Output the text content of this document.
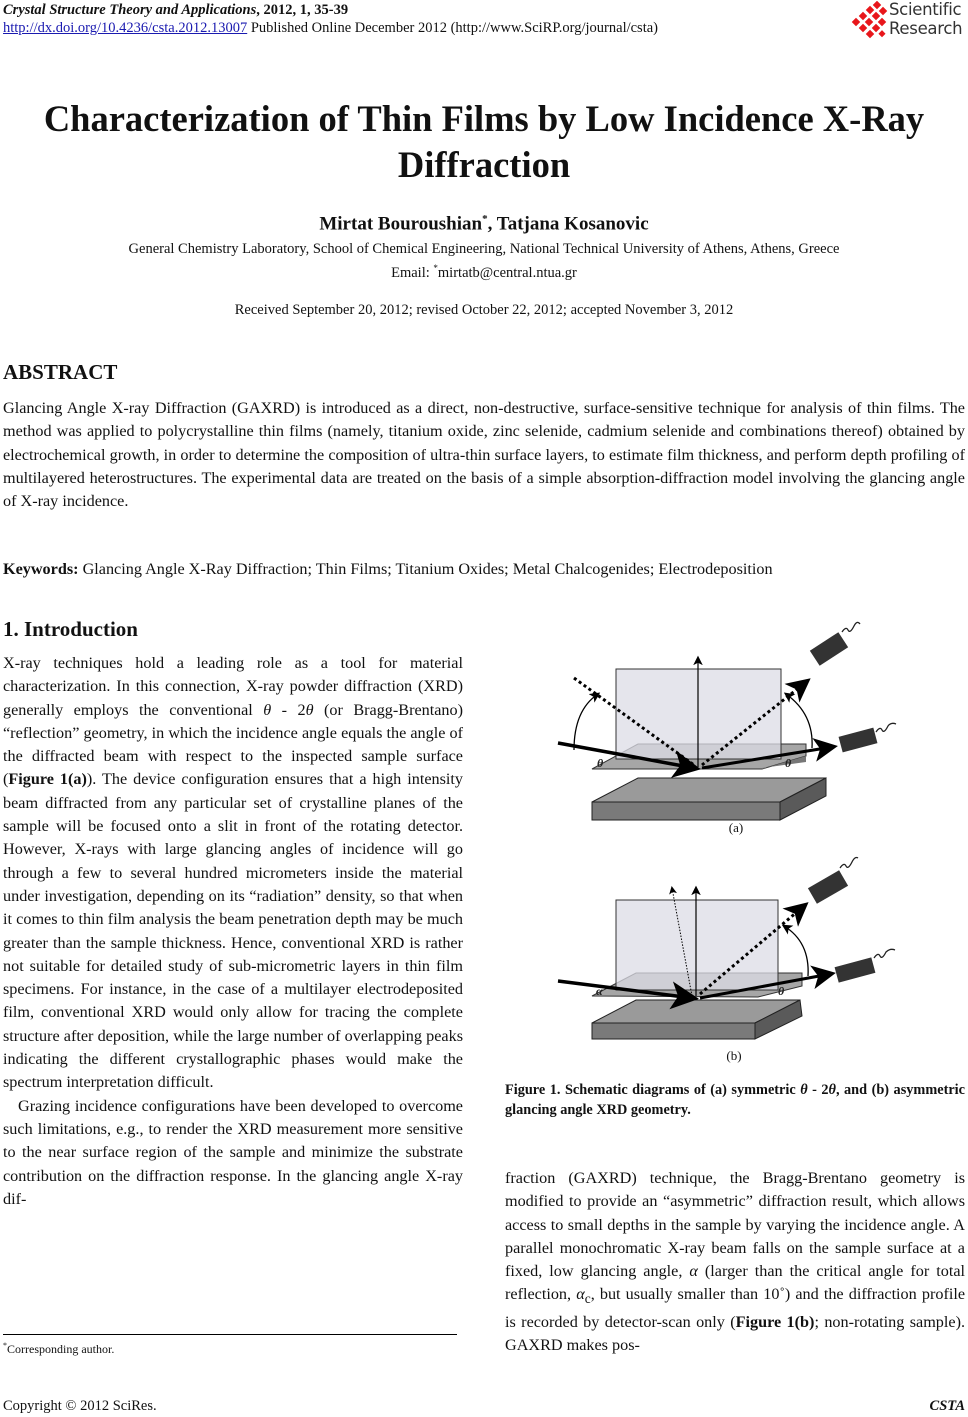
Crystal Structure Theory and Applications, 2012, 1, 35-39
http://dx.doi.org/10.4236/csta.2012.13007 Published Online December 2012 (http://www.SciRP.org/journal/csta)
Scientific
Research
Characterization of Thin Films by Low Incidence X-Ray
Diffraction
Mirtat Bouroushian*, Tatjana Kosanovic
General Chemistry Laboratory, School of Chemical Engineering, National Technical University of Athens, Athens, Greece
Email: *mirtatb@central.ntua.gr
Received September 20, 2012; revised October 22, 2012; accepted November 3, 2012
ABSTRACT
Glancing Angle X-ray Diffraction (GAXRD) is introduced as a direct, non-destructive, surface-sensitive technique for analysis of thin films. The method was applied to polycrystalline thin films (namely, titanium oxide, zinc selenide, cadmium selenide and combinations thereof) obtained by electrochemical growth, in order to determine the composition of ultra-thin surface layers, to estimate film thickness, and perform depth profiling of multilayered heterostructures. The experimental data are treated on the basis of a simple absorption-diffraction model involving the glancing angle of X-ray incidence.
Keywords: Glancing Angle X-Ray Diffraction; Thin Films; Titanium Oxides; Metal Chalcogenides; Electrodeposition
1. Introduction

X-ray techniques hold a leading role as a tool for material characterization. In this connection, X-ray powder diffraction (XRD) generally employs the conventional θ - 2θ (or Bragg-Brentano) “reflection” geometry, in which the incidence angle equals the angle of the diffracted beam with respect to the inspected sample surface (Figure 1(a)). The device configuration ensures that a high intensity beam diffracted from any particular set of crystalline planes of the sample will be focused onto a slit in front of the rotating detector. However, X-rays with large glancing angles of incidence will go through a few to several hundred micrometers inside the material under investigation, depending on its “radiation” density, so that when it comes to thin film analysis the beam penetration depth may be much greater than the sample thickness. Hence, conventional XRD is rather not suitable for detailed study of sub-micrometric layers in thin film specimens. For instance, in the case of a multilayer electrodeposited film, conventional XRD would only allow for tracing the complete structure after deposition, while the large number of overlapping peaks indicating the different crystallographic phases would make the spectrum interpretation difficult.

Grazing incidence configurations have been developed to overcome such limitations, e.g., to render the XRD measurement more sensitive to the near surface region of the sample and minimize the substrate contribution on the diffraction response. In the glancing angle X-ray dif-

θ	θ
α	θ
(a)
(b)
Figure 1. Schematic diagrams of (a) symmetric θ - 2θ, and (b) asymmetric glancing angle XRD geometry.
fraction (GAXRD) technique, the Bragg-Brentano geometry is modified to provide an “asymmetric” diffraction result, which allows access to small depths in the sample by varying the incidence angle. A parallel monochromatic X-ray beam falls on the sample surface at a fixed, low glancing angle, α (larger than the critical angle for total reflection, $\alpha_c$, but usually smaller than 10˚) and the diffraction profile is recorded by detector-scan only (Figure 1(b); non-rotating sample). GAXRD makes pos-
*Corresponding author.
Copyright © 2012 SciRes.	CSTA
